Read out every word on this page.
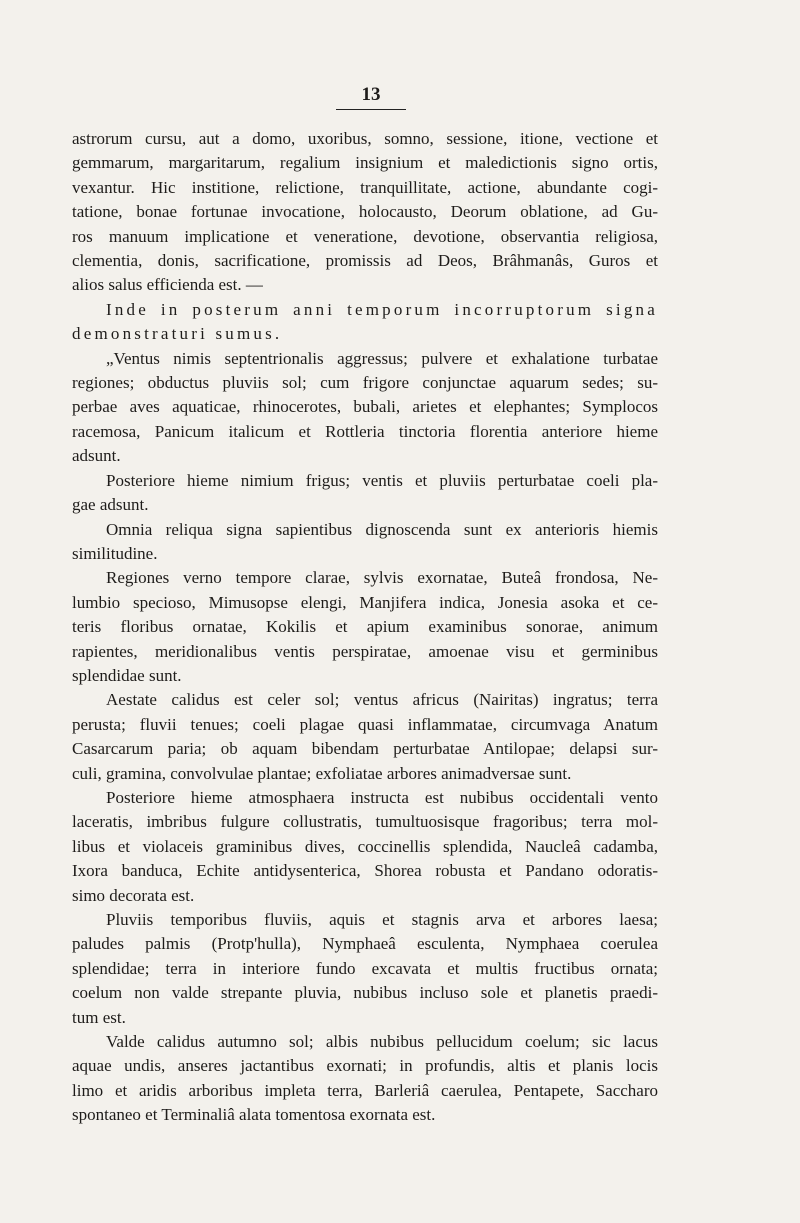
13
astrorum cursu, aut a domo, uxoribus, somno, sessione, itione, vectione et
gemmarum, margaritarum, regalium insignium et maledictionis signo ortis,
vexantur. Hic institione, relictione, tranquillitate, actione, abundante cogi-
tatione, bonae fortunae invocatione, holocausto, Deorum oblatione, ad Gu-
ros manuum implicatione et veneratione, devotione, observantia religiosa,
clementia, donis, sacrificatione, promissis ad Deos, Brâhmanâs, Guros et
alios salus efficienda est. —
Inde in posterum anni temporum incorruptorum signa
demonstraturi sumus.
„Ventus nimis septentrionalis aggressus; pulvere et exhalatione turbatae
regiones; obductus pluviis sol; cum frigore conjunctae aquarum sedes; su-
perbae aves aquaticae, rhinocerotes, bubali, arietes et elephantes; Symplocos
racemosa, Panicum italicum et Rottleria tinctoria florentia anteriore hieme
adsunt.
Posteriore hieme nimium frigus; ventis et pluviis perturbatae coeli pla-
gae adsunt.
Omnia reliqua signa sapientibus dignoscenda sunt ex anterioris hiemis
similitudine.
Regiones verno tempore clarae, sylvis exornatae, Buteâ frondosa, Ne-
lumbio specioso, Mimusopse elengi, Manjifera indica, Jonesia asoka et ce-
teris floribus ornatae, Kokilis et apium examinibus sonorae, animum
rapientes, meridionalibus ventis perspiratae, amoenae visu et germinibus
splendidae sunt.
Aestate calidus est celer sol; ventus africus (Nairitas) ingratus; terra
perusta; fluvii tenues; coeli plagae quasi inflammatae, circumvaga Anatum
Casarcarum paria; ob aquam bibendam perturbatae Antilopae; delapsi sur-
culi, gramina, convolvulae plantae; exfoliatae arbores animadversae sunt.
Posteriore hieme atmosphaera instructa est nubibus occidentali vento
laceratis, imbribus fulgure collustratis, tumultuosisque fragoribus; terra mol-
libus et violaceis graminibus dives, coccinellis splendida, Naucleâ cadamba,
Ixora banduca, Echite antidysenterica, Shorea robusta et Pandano odoratis-
simo decorata est.
Pluviis temporibus fluviis, aquis et stagnis arva et arbores laesa;
paludes palmis (Protp'hulla), Nymphaeâ esculenta, Nymphaea coerulea
splendidae; terra in interiore fundo excavata et multis fructibus ornata;
coelum non valde strepante pluvia, nubibus incluso sole et planetis praedi-
tum est.
Valde calidus autumno sol; albis nubibus pellucidum coelum; sic lacus
aquae undis, anseres jactantibus exornati; in profundis, altis et planis locis
limo et aridis arboribus impleta terra, Barleriâ caerulea, Pentapete, Saccharo
spontaneo et Terminaliâ alata tomentosa exornata est.
